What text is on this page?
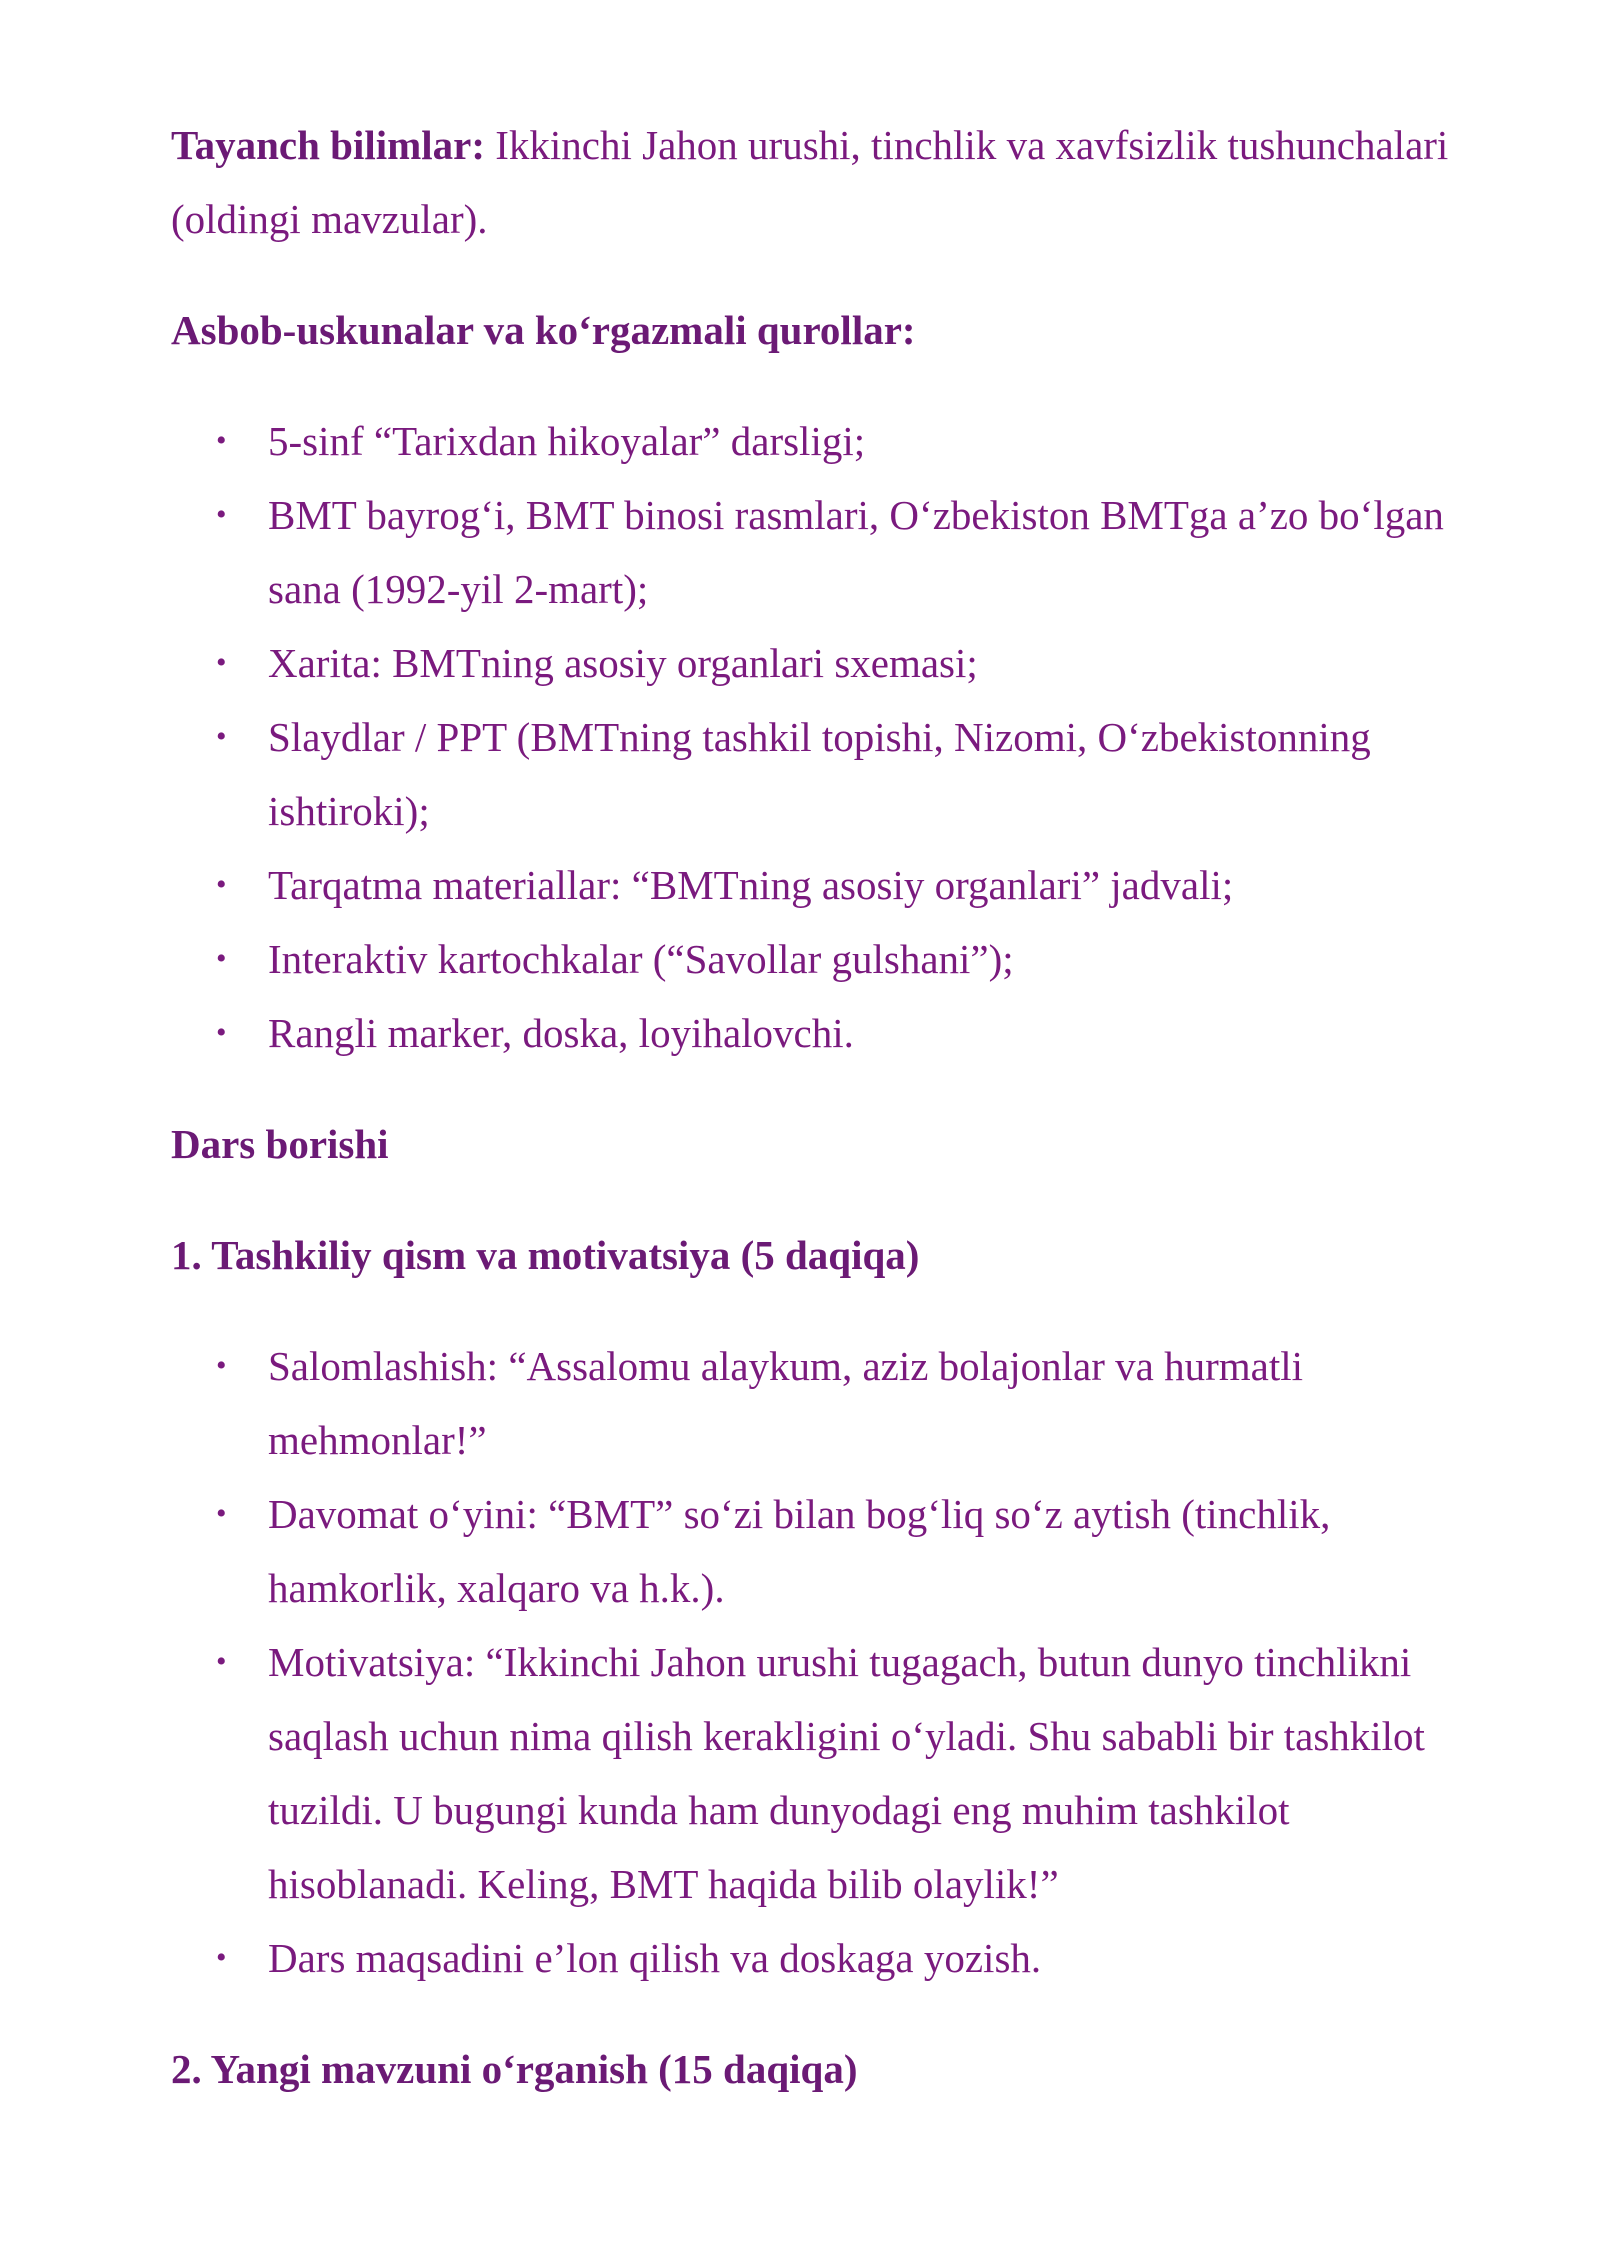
Tayanch bilimlar: Ikkinchi Jahon urushi, tinchlik va xavfsizlik tushunchalari (oldingi mavzular).

Asbob-uskunalar va ko‘rgazmali qurollar:

• 5-sinf “Tarixdan hikoyalar” darsligi;
• BMT bayrog‘i, BMT binosi rasmlari, O‘zbekiston BMTga a’zo bo‘lgan sana (1992-yil 2-mart);
• Xarita: BMTning asosiy organlari sxemasi;
• Slaydlar / PPT (BMTning tashkil topishi, Nizomi, O‘zbekistonning ishtiroki);
• Tarqatma materiallar: “BMTning asosiy organlari” jadvali;
• Interaktiv kartochkalar (“Savollar gulshani”);
• Rangli marker, doska, loyihalovchi.

Dars borishi

1. Tashkiliy qism va motivatsiya (5 daqiqa)

• Salomlashish: “Assalomu alaykum, aziz bolajonlar va hurmatli mehmonlar!”
• Davomat o‘yini: “BMT” so‘zi bilan bog‘liq so‘z aytish (tinchlik, hamkorlik, xalqaro va h.k.).
• Motivatsiya: “Ikkinchi Jahon urushi tugagach, butun dunyo tinchlikni saqlash uchun nima qilish kerakligini o‘yladi. Shu sababli bir tashkilot tuzildi. U bugungi kunda ham dunyodagi eng muhim tashkilot hisoblanadi. Keling, BMT haqida bilib olaylik!”
• Dars maqsadini e’lon qilish va doskaga yozish.

2. Yangi mavzuni o‘rganish (15 daqiqa)
